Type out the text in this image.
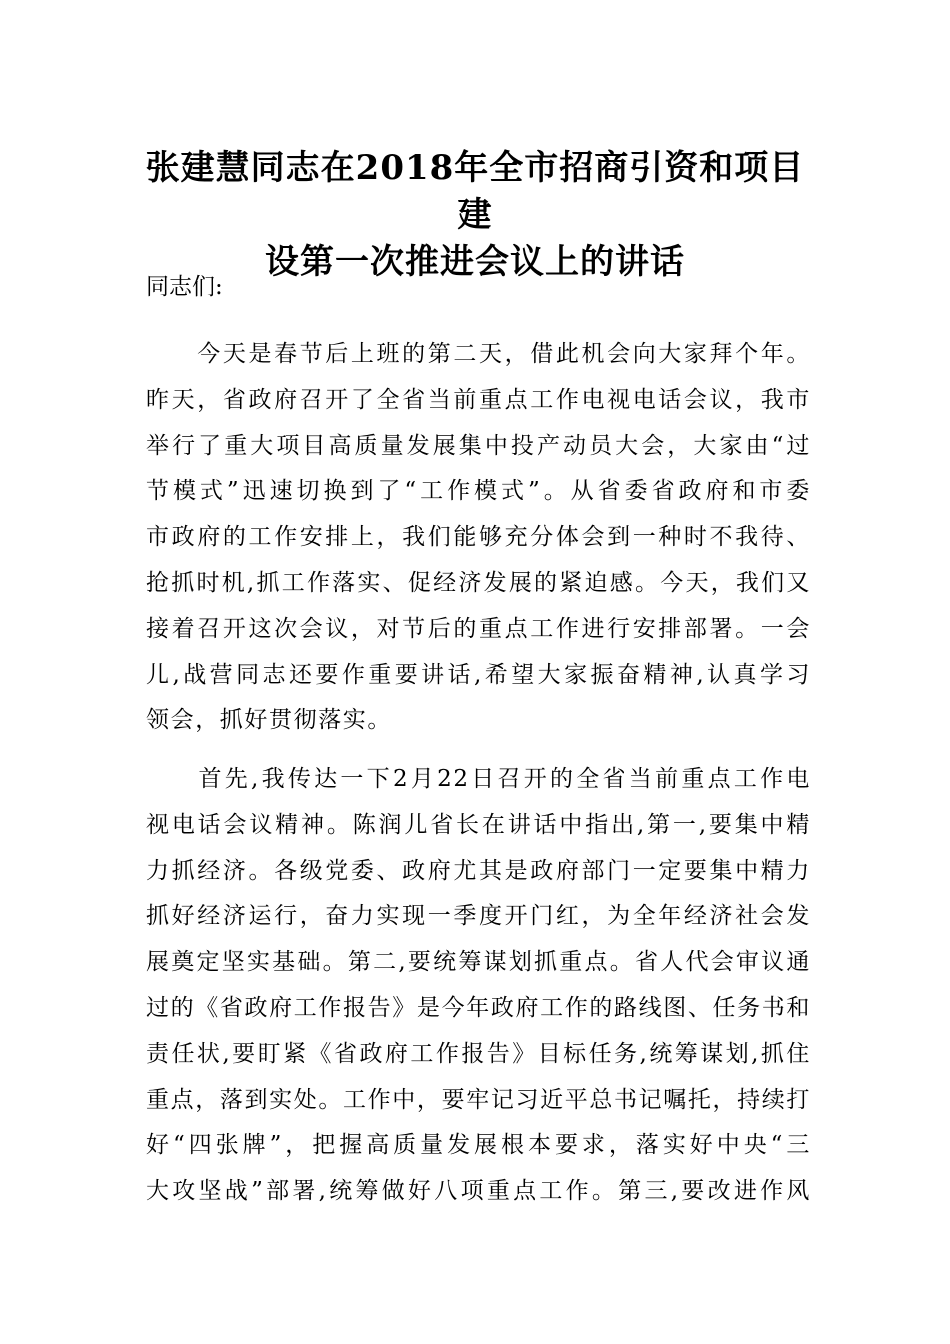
张建慧同志在2018年全市招商引资和项目建
设第一次推进会议上的讲话

同志们:

　　今天是春节后上班的第二天，借此机会向大家拜个年。
昨天，省政府召开了全省当前重点工作电视电话会议，我市
举行了重大项目高质量发展集中投产动员大会，大家由“过
节模式”迅速切换到了“工作模式”。从省委省政府和市委
市政府的工作安排上，我们能够充分体会到一种时不我待、
抢抓时机,抓工作落实、促经济发展的紧迫感。今天，我们又
接着召开这次会议，对节后的重点工作进行安排部署。一会
儿,战营同志还要作重要讲话,希望大家振奋精神,认真学习
领会，抓好贯彻落实。
　　首先,我传达一下2月22日召开的全省当前重点工作电
视电话会议精神。陈润儿省长在讲话中指出,第一,要集中精
力抓经济。各级党委、政府尤其是政府部门一定要集中精力
抓好经济运行，奋力实现一季度开门红，为全年经济社会发
展奠定坚实基础。第二,要统筹谋划抓重点。省人代会审议通
过的《省政府工作报告》是今年政府工作的路线图、任务书和
责任状,要盯紧《省政府工作报告》目标任务,统筹谋划,抓住
重点，落到实处。工作中，要牢记习近平总书记嘱托，持续打
好“四张牌”，把握高质量发展根本要求，落实好中央“三
大攻坚战”部署,统筹做好八项重点工作。第三,要改进作风
